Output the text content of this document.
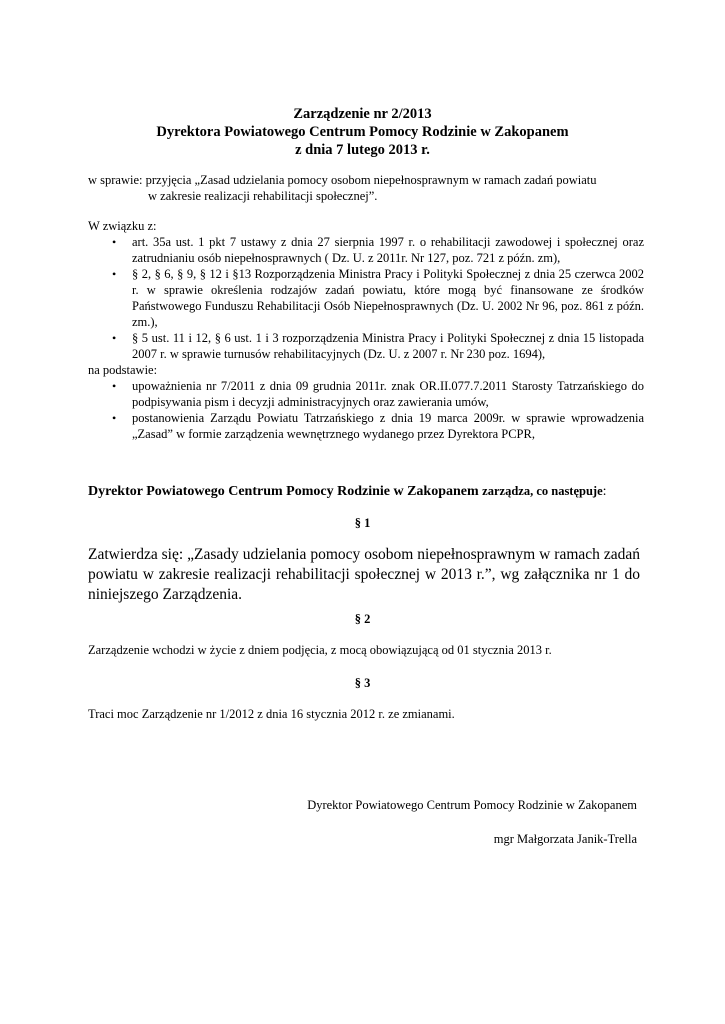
Zarządzenie nr 2/2013
Dyrektora Powiatowego Centrum Pomocy Rodzinie w Zakopanem
z dnia 7 lutego 2013 r.
w sprawie: przyjęcia „Zasad udzielania pomocy osobom niepełnosprawnym w ramach zadań powiatu
w zakresie realizacji rehabilitacji społecznej”.
W związku z:
• art. 35a ust. 1 pkt 7 ustawy z dnia 27 sierpnia 1997 r. o rehabilitacji zawodowej i społecznej oraz zatrudnianiu osób niepełnosprawnych ( Dz. U. z 2011r. Nr 127, poz. 721 z późn. zm),
• § 2, § 6, § 9, § 12 i §13 Rozporządzenia Ministra Pracy i Polityki Społecznej z dnia 25 czerwca 2002 r. w sprawie określenia rodzajów zadań powiatu, które mogą być finansowane ze środków Państwowego Funduszu Rehabilitacji Osób Niepełnosprawnych (Dz. U. 2002 Nr 96, poz. 861 z późn. zm.),
• § 5 ust. 11 i 12, § 6 ust. 1 i 3 rozporządzenia Ministra Pracy i Polityki Społecznej z dnia 15 listopada 2007 r. w sprawie turnusów rehabilitacyjnych (Dz. U. z 2007 r. Nr 230 poz. 1694),
na podstawie:
• upoważnienia nr 7/2011 z dnia 09 grudnia 2011r. znak OR.II.077.7.2011 Starosty Tatrzańskiego do podpisywania pism i decyzji administracyjnych oraz zawierania umów,
• postanowienia Zarządu Powiatu Tatrzańskiego z dnia 19 marca 2009r. w sprawie wprowadzenia „Zasad” w formie zarządzenia wewnętrznego wydanego przez Dyrektora PCPR,
Dyrektor Powiatowego Centrum Pomocy Rodzinie w Zakopanem zarządza, co następuje:
§ 1
Zatwierdza się: „Zasady udzielania pomocy osobom niepełnosprawnym w ramach zadań powiatu w zakresie realizacji rehabilitacji społecznej w 2013 r.”, wg załącznika nr 1 do niniejszego Zarządzenia.
§ 2
Zarządzenie wchodzi w życie z dniem podjęcia, z mocą obowiązującą od 01 stycznia 2013 r.
§ 3
Traci moc Zarządzenie nr 1/2012 z dnia 16 stycznia 2012 r. ze zmianami.
Dyrektor Powiatowego Centrum Pomocy Rodzinie w Zakopanem
mgr Małgorzata Janik-Trella
